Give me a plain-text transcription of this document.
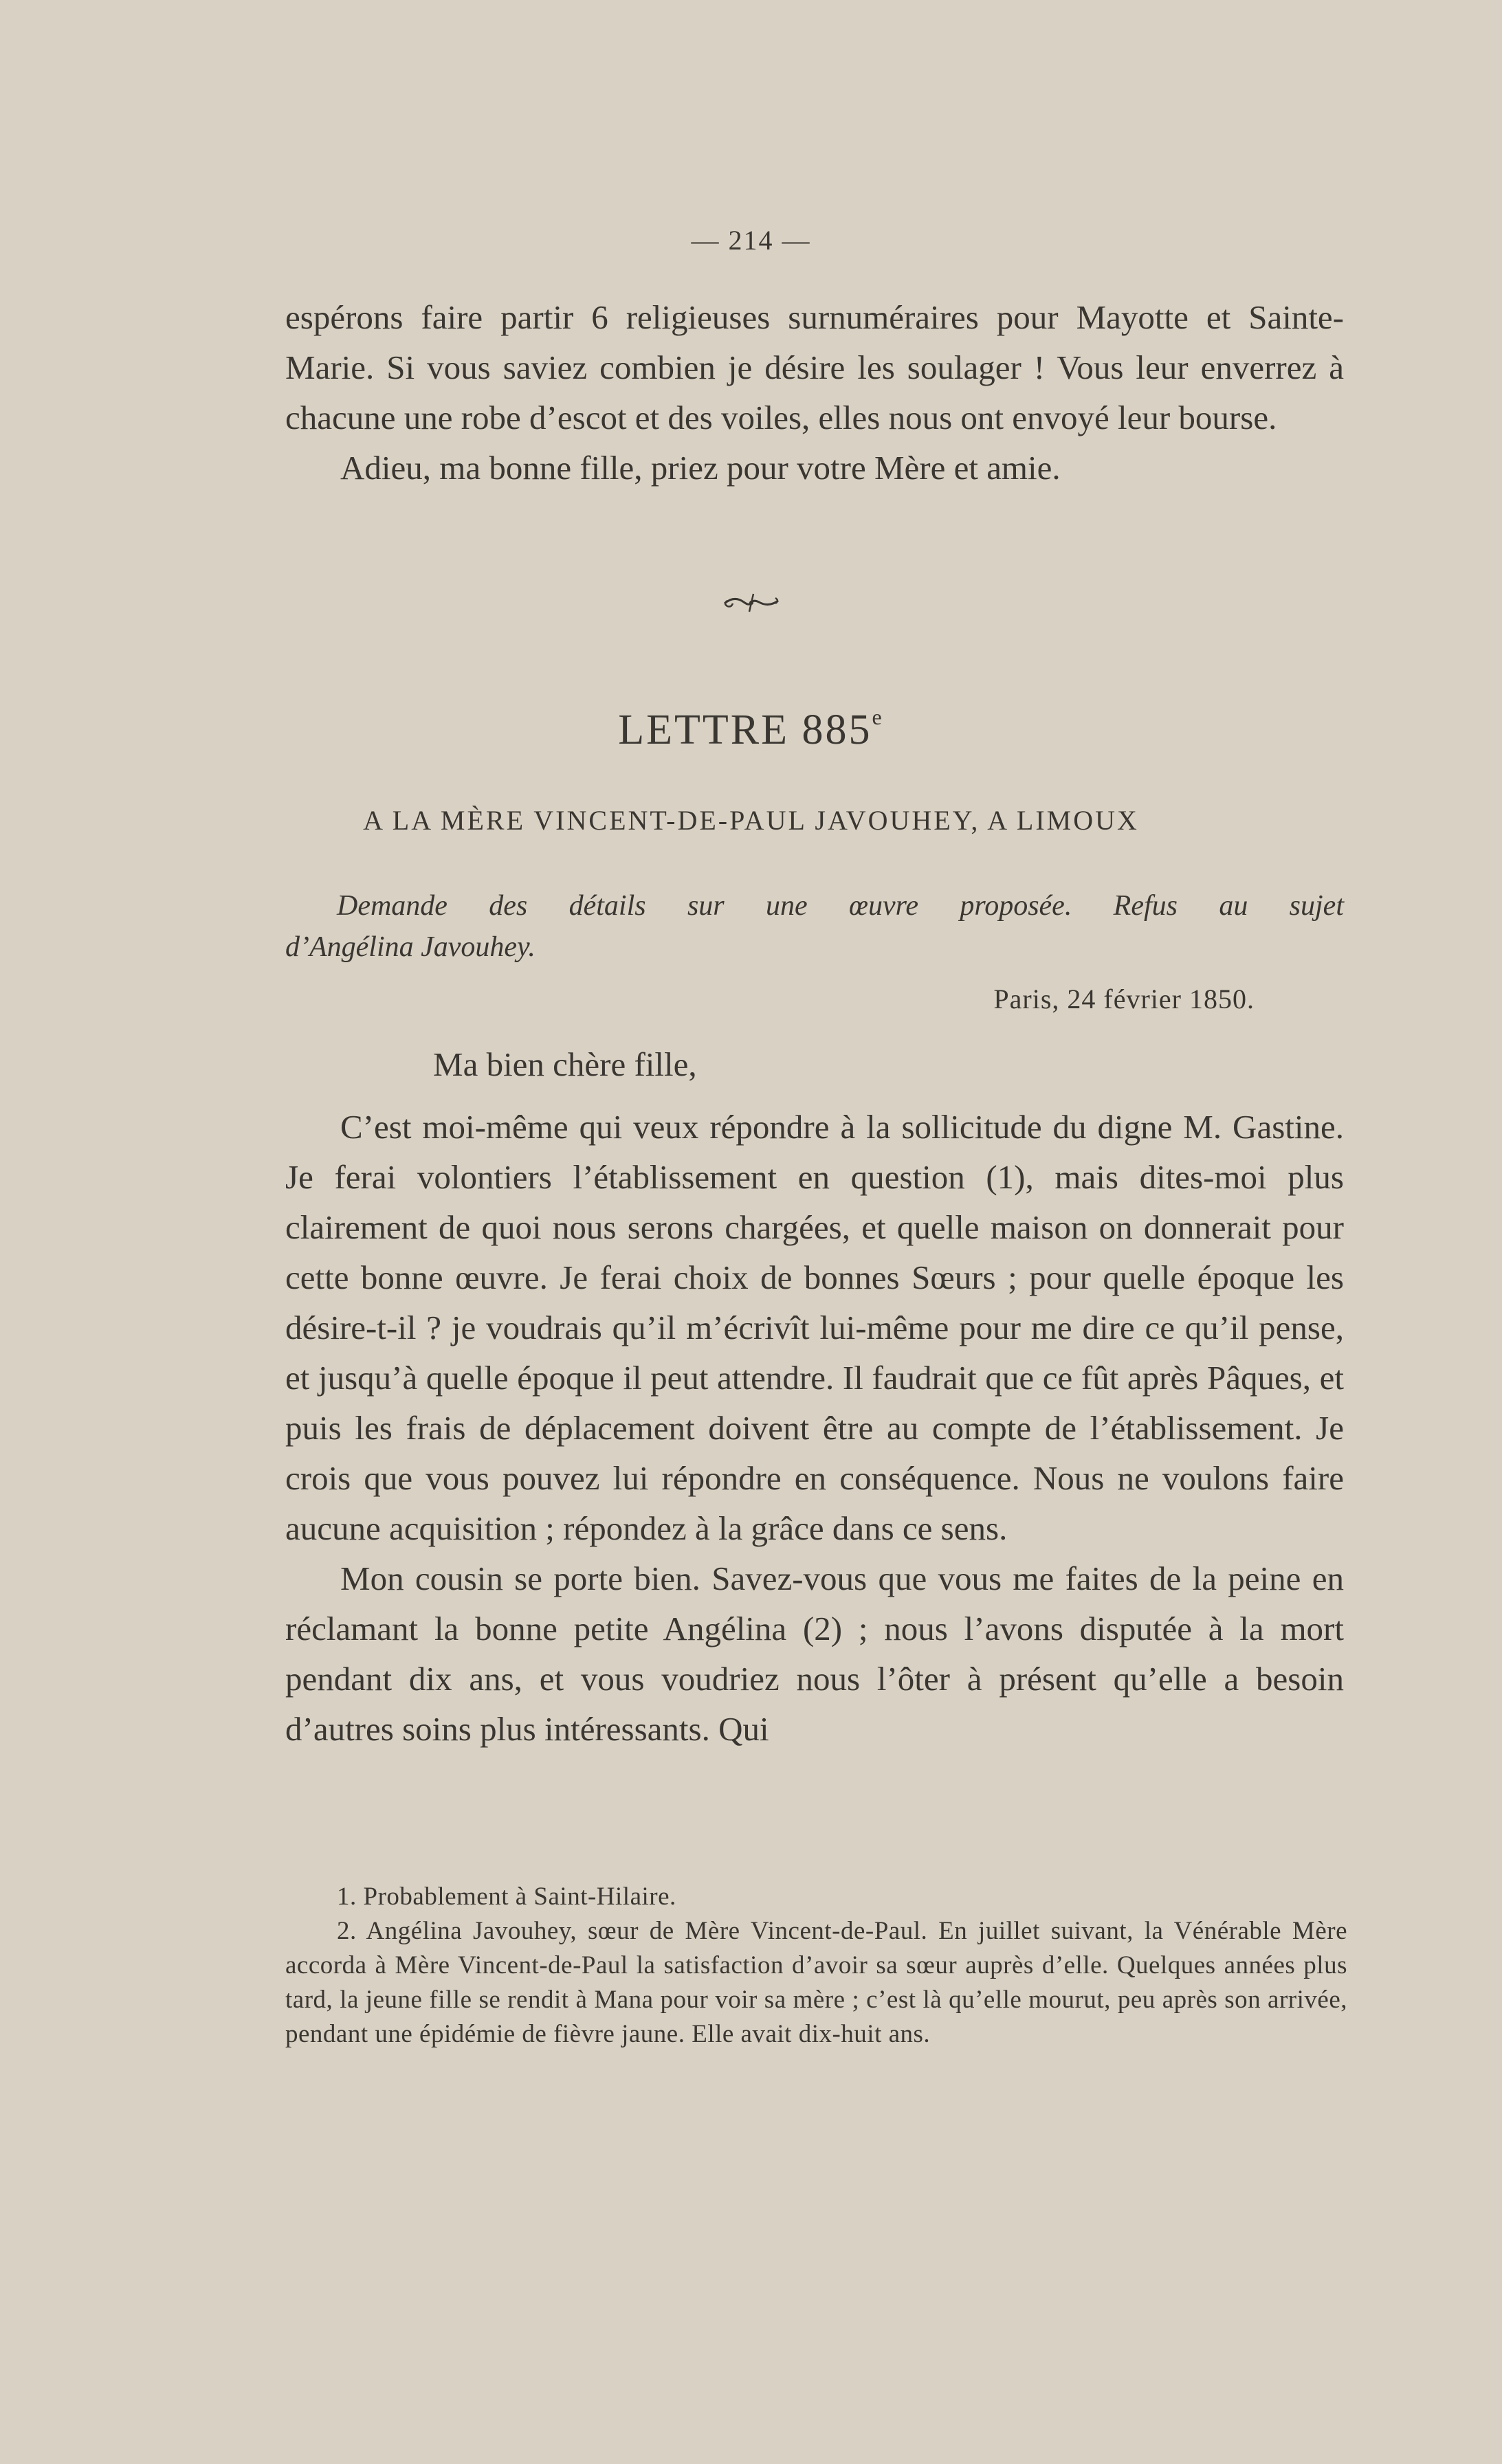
— 214 —

espérons faire partir 6 religieuses surnuméraires pour Mayotte et Sainte-Marie. Si vous saviez combien je désire les soulager ! Vous leur enverrez à chacune une robe d’escot et des voiles, elles nous ont envoyé leur bourse.

Adieu, ma bonne fille, priez pour votre Mère et amie.

LETTRE 885e
A LA MÈRE VINCENT-DE-PAUL JAVOUHEY, A LIMOUX
Demande des détails sur une œuvre proposée. Refus au sujet
d’Angélina Javouhey.
Paris, 24 février 1850.
Ma bien chère fille,

C’est moi-même qui veux répondre à la sollicitude du digne M. Gastine. Je ferai volontiers l’établissement en question (1), mais dites-moi plus clairement de quoi nous serons chargées, et quelle maison on donnerait pour cette bonne œuvre. Je ferai choix de bonnes Sœurs ; pour quelle époque les désire-t-il ? je voudrais qu’il m’écrivît lui-même pour me dire ce qu’il pense, et jusqu’à quelle époque il peut attendre. Il faudrait que ce fût après Pâques, et puis les frais de déplacement doivent être au compte de l’établissement. Je crois que vous pouvez lui répondre en conséquence. Nous ne voulons faire aucune acquisition ; répondez à la grâce dans ce sens.

Mon cousin se porte bien. Savez-vous que vous me faites de la peine en réclamant la bonne petite Angélina (2) ; nous l’avons disputée à la mort pendant dix ans, et vous voudriez nous l’ôter à présent qu’elle a besoin d’autres soins plus intéressants. Qui

1. Probablement à Saint-Hilaire.

2. Angélina Javouhey, sœur de Mère Vincent-de-Paul. En juillet suivant, la Vénérable Mère accorda à Mère Vincent-de-Paul la satisfaction d’avoir sa sœur auprès d’elle. Quelques années plus tard, la jeune fille se rendit à Mana pour voir sa mère ; c’est là qu’elle mourut, peu après son arrivée, pendant une épidémie de fièvre jaune. Elle avait dix-huit ans.
